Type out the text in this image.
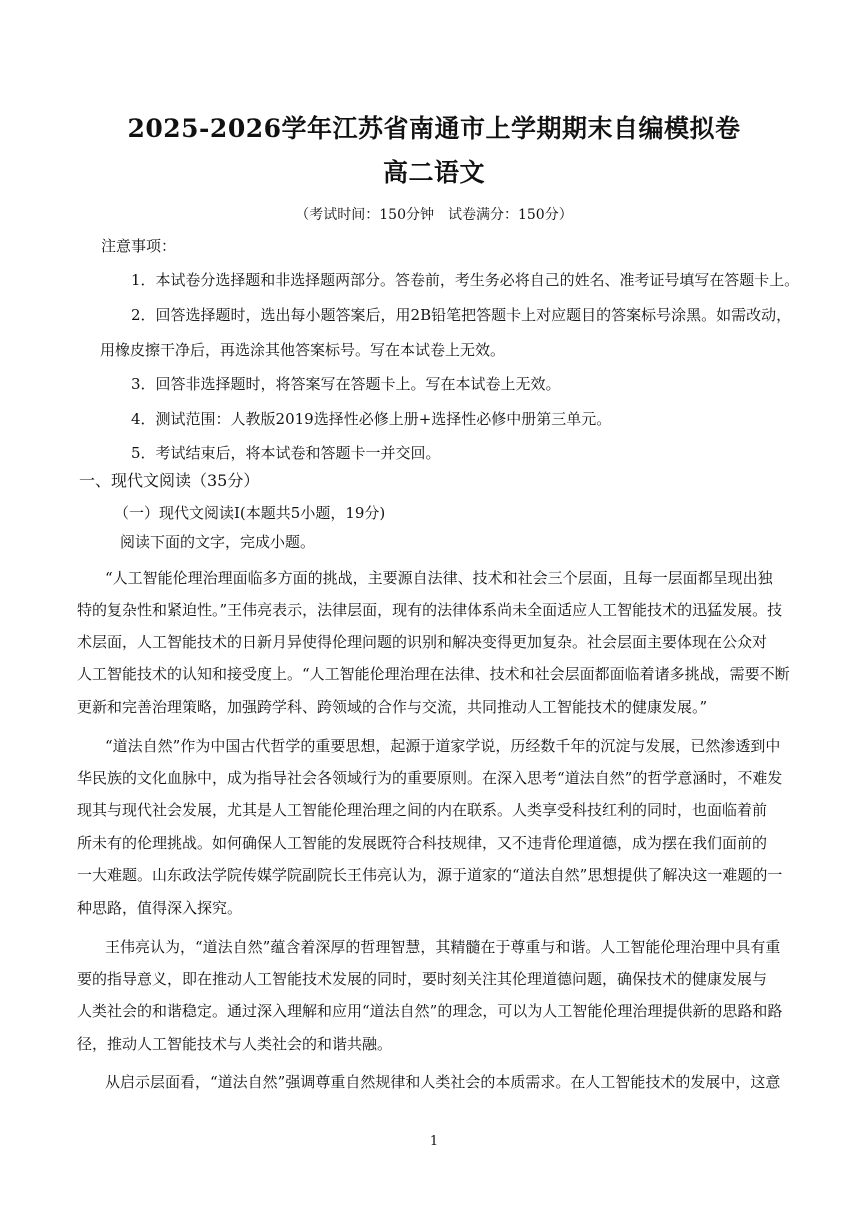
2025-2026学年江苏省南通市上学期期末自编模拟卷
高二语文
（考试时间：150分钟　试卷满分：150分）
注意事项：
1．本试卷分选择题和非选择题两部分。答卷前，考生务必将自己的姓名、准考证号填写在答题卡上。
2．回答选择题时，选出每小题答案后，用2B铅笔把答题卡上对应题目的答案标号涂黑。如需改动，
用橡皮擦干净后，再选涂其他答案标号。写在本试卷上无效。
3．回答非选择题时，将答案写在答题卡上。写在本试卷上无效。
4．测试范围：人教版2019选择性必修上册+选择性必修中册第三单元。
5．考试结束后，将本试卷和答题卡一并交回。
一、现代文阅读（35分）
（一）现代文阅读Ⅰ(本题共5小题，19分)
阅读下面的文字，完成小题。
“人工智能伦理治理面临多方面的挑战，主要源自法律、技术和社会三个层面，且每一层面都呈现出独
特的复杂性和紧迫性。”王伟亮表示，法律层面，现有的法律体系尚未全面适应人工智能技术的迅猛发展。技
术层面，人工智能技术的日新月异使得伦理问题的识别和解决变得更加复杂。社会层面主要体现在公众对
人工智能技术的认知和接受度上。“人工智能伦理治理在法律、技术和社会层面都面临着诸多挑战，需要不断
更新和完善治理策略，加强跨学科、跨领域的合作与交流，共同推动人工智能技术的健康发展。”
“道法自然”作为中国古代哲学的重要思想，起源于道家学说，历经数千年的沉淀与发展，已然渗透到中
华民族的文化血脉中，成为指导社会各领域行为的重要原则。在深入思考“道法自然”的哲学意涵时，不难发
现其与现代社会发展，尤其是人工智能伦理治理之间的内在联系。人类享受科技红利的同时，也面临着前
所未有的伦理挑战。如何确保人工智能的发展既符合科技规律，又不违背伦理道德，成为摆在我们面前的
一大难题。山东政法学院传媒学院副院长王伟亮认为，源于道家的“道法自然”思想提供了解决这一难题的一
种思路，值得深入探究。
王伟亮认为，“道法自然”蕴含着深厚的哲理智慧，其精髓在于尊重与和谐。人工智能伦理治理中具有重
要的指导意义，即在推动人工智能技术发展的同时，要时刻关注其伦理道德问题，确保技术的健康发展与
人类社会的和谐稳定。通过深入理解和应用“道法自然”的理念，可以为人工智能伦理治理提供新的思路和路
径，推动人工智能技术与人类社会的和谐共融。
从启示层面看，“道法自然”强调尊重自然规律和人类社会的本质需求。在人工智能技术的发展中，这意
1
